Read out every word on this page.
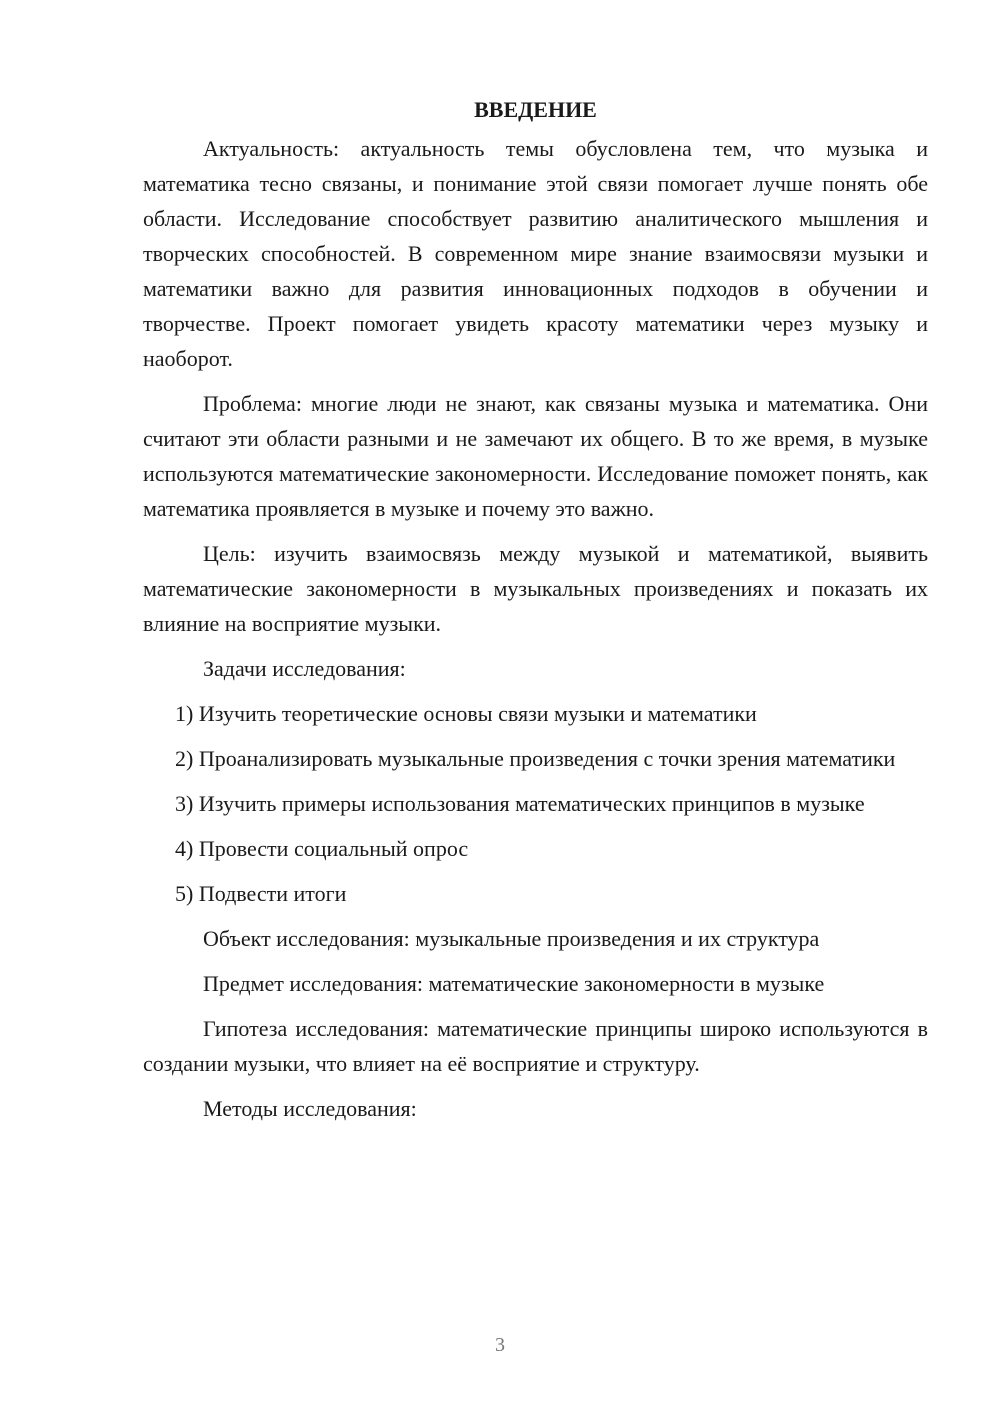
ВВЕДЕНИЕ

Актуальность: актуальность темы обусловлена тем, что музыка и математика тесно связаны, и понимание этой связи помогает лучше понять обе области. Исследование способствует развитию аналитического мышления и творческих способностей. В современном мире знание взаимосвязи музыки и математики важно для развития инновационных подходов в обучении и творчестве. Проект помогает увидеть красоту математики через музыку и наоборот.

Проблема: многие люди не знают, как связаны музыка и математика. Они считают эти области разными и не замечают их общего. В то же время, в музыке используются математические закономерности. Исследование поможет понять, как математика проявляется в музыке и почему это важно.

Цель: изучить взаимосвязь между музыкой и математикой, выявить математические закономерности в музыкальных произведениях и показать их влияние на восприятие музыки.

Задачи исследования:

1) Изучить теоретические основы связи музыки и математики

2) Проанализировать музыкальные произведения с точки зрения математики

3) Изучить примеры использования математических принципов в музыке

4) Провести социальный опрос

5) Подвести итоги

Объект исследования: музыкальные произведения и их структура

Предмет исследования: математические закономерности в музыке

Гипотеза исследования: математические принципы широко используются в создании музыки, что влияет на её восприятие и структуру.

Методы исследования:

3
